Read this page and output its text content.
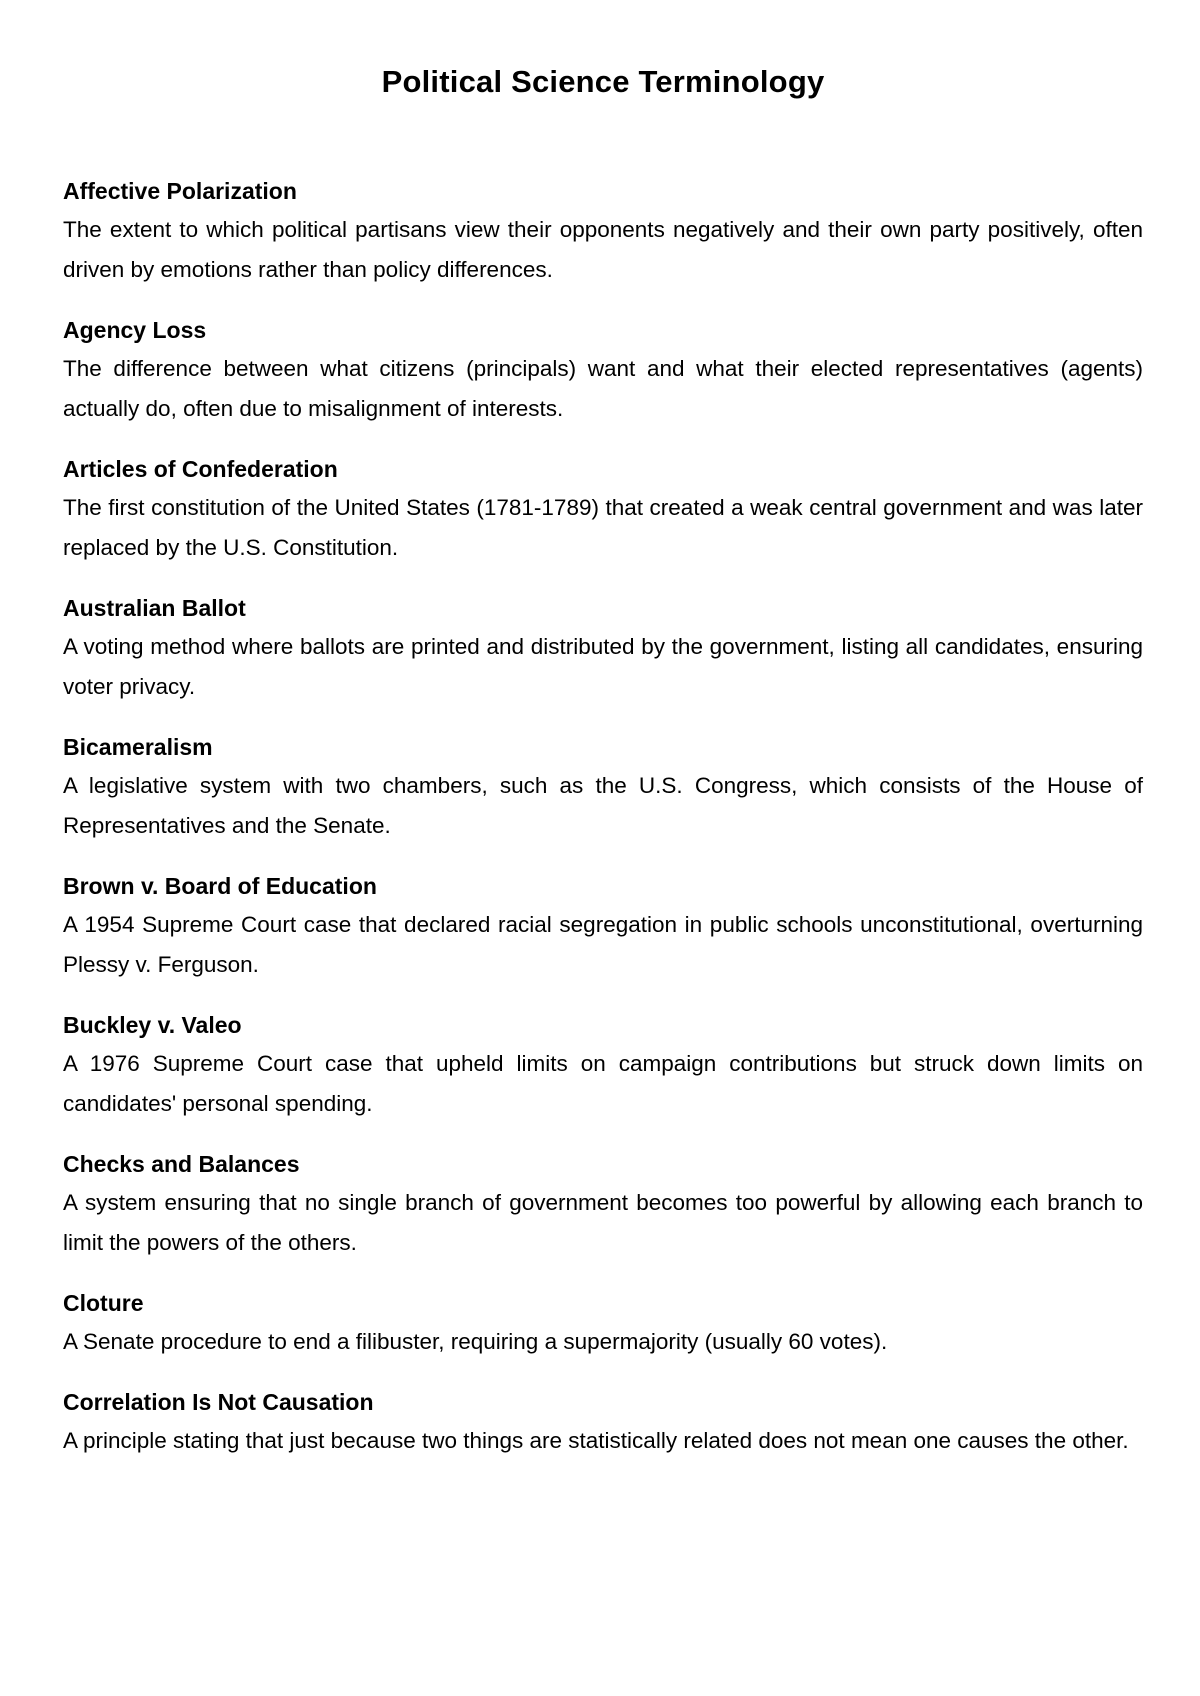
Political Science Terminology
Affective Polarization
The extent to which political partisans view their opponents negatively and their own party positively, often driven by emotions rather than policy differences.
Agency Loss
The difference between what citizens (principals) want and what their elected representatives (agents) actually do, often due to misalignment of interests.
Articles of Confederation
The first constitution of the United States (1781-1789) that created a weak central government and was later replaced by the U.S. Constitution.
Australian Ballot
A voting method where ballots are printed and distributed by the government, listing all candidates, ensuring voter privacy.
Bicameralism
A legislative system with two chambers, such as the U.S. Congress, which consists of the House of Representatives and the Senate.
Brown v. Board of Education
A 1954 Supreme Court case that declared racial segregation in public schools unconstitutional, overturning Plessy v. Ferguson.
Buckley v. Valeo
A 1976 Supreme Court case that upheld limits on campaign contributions but struck down limits on candidates' personal spending.
Checks and Balances
A system ensuring that no single branch of government becomes too powerful by allowing each branch to limit the powers of the others.
Cloture
A Senate procedure to end a filibuster, requiring a supermajority (usually 60 votes).
Correlation Is Not Causation
A principle stating that just because two things are statistically related does not mean one causes the other.
